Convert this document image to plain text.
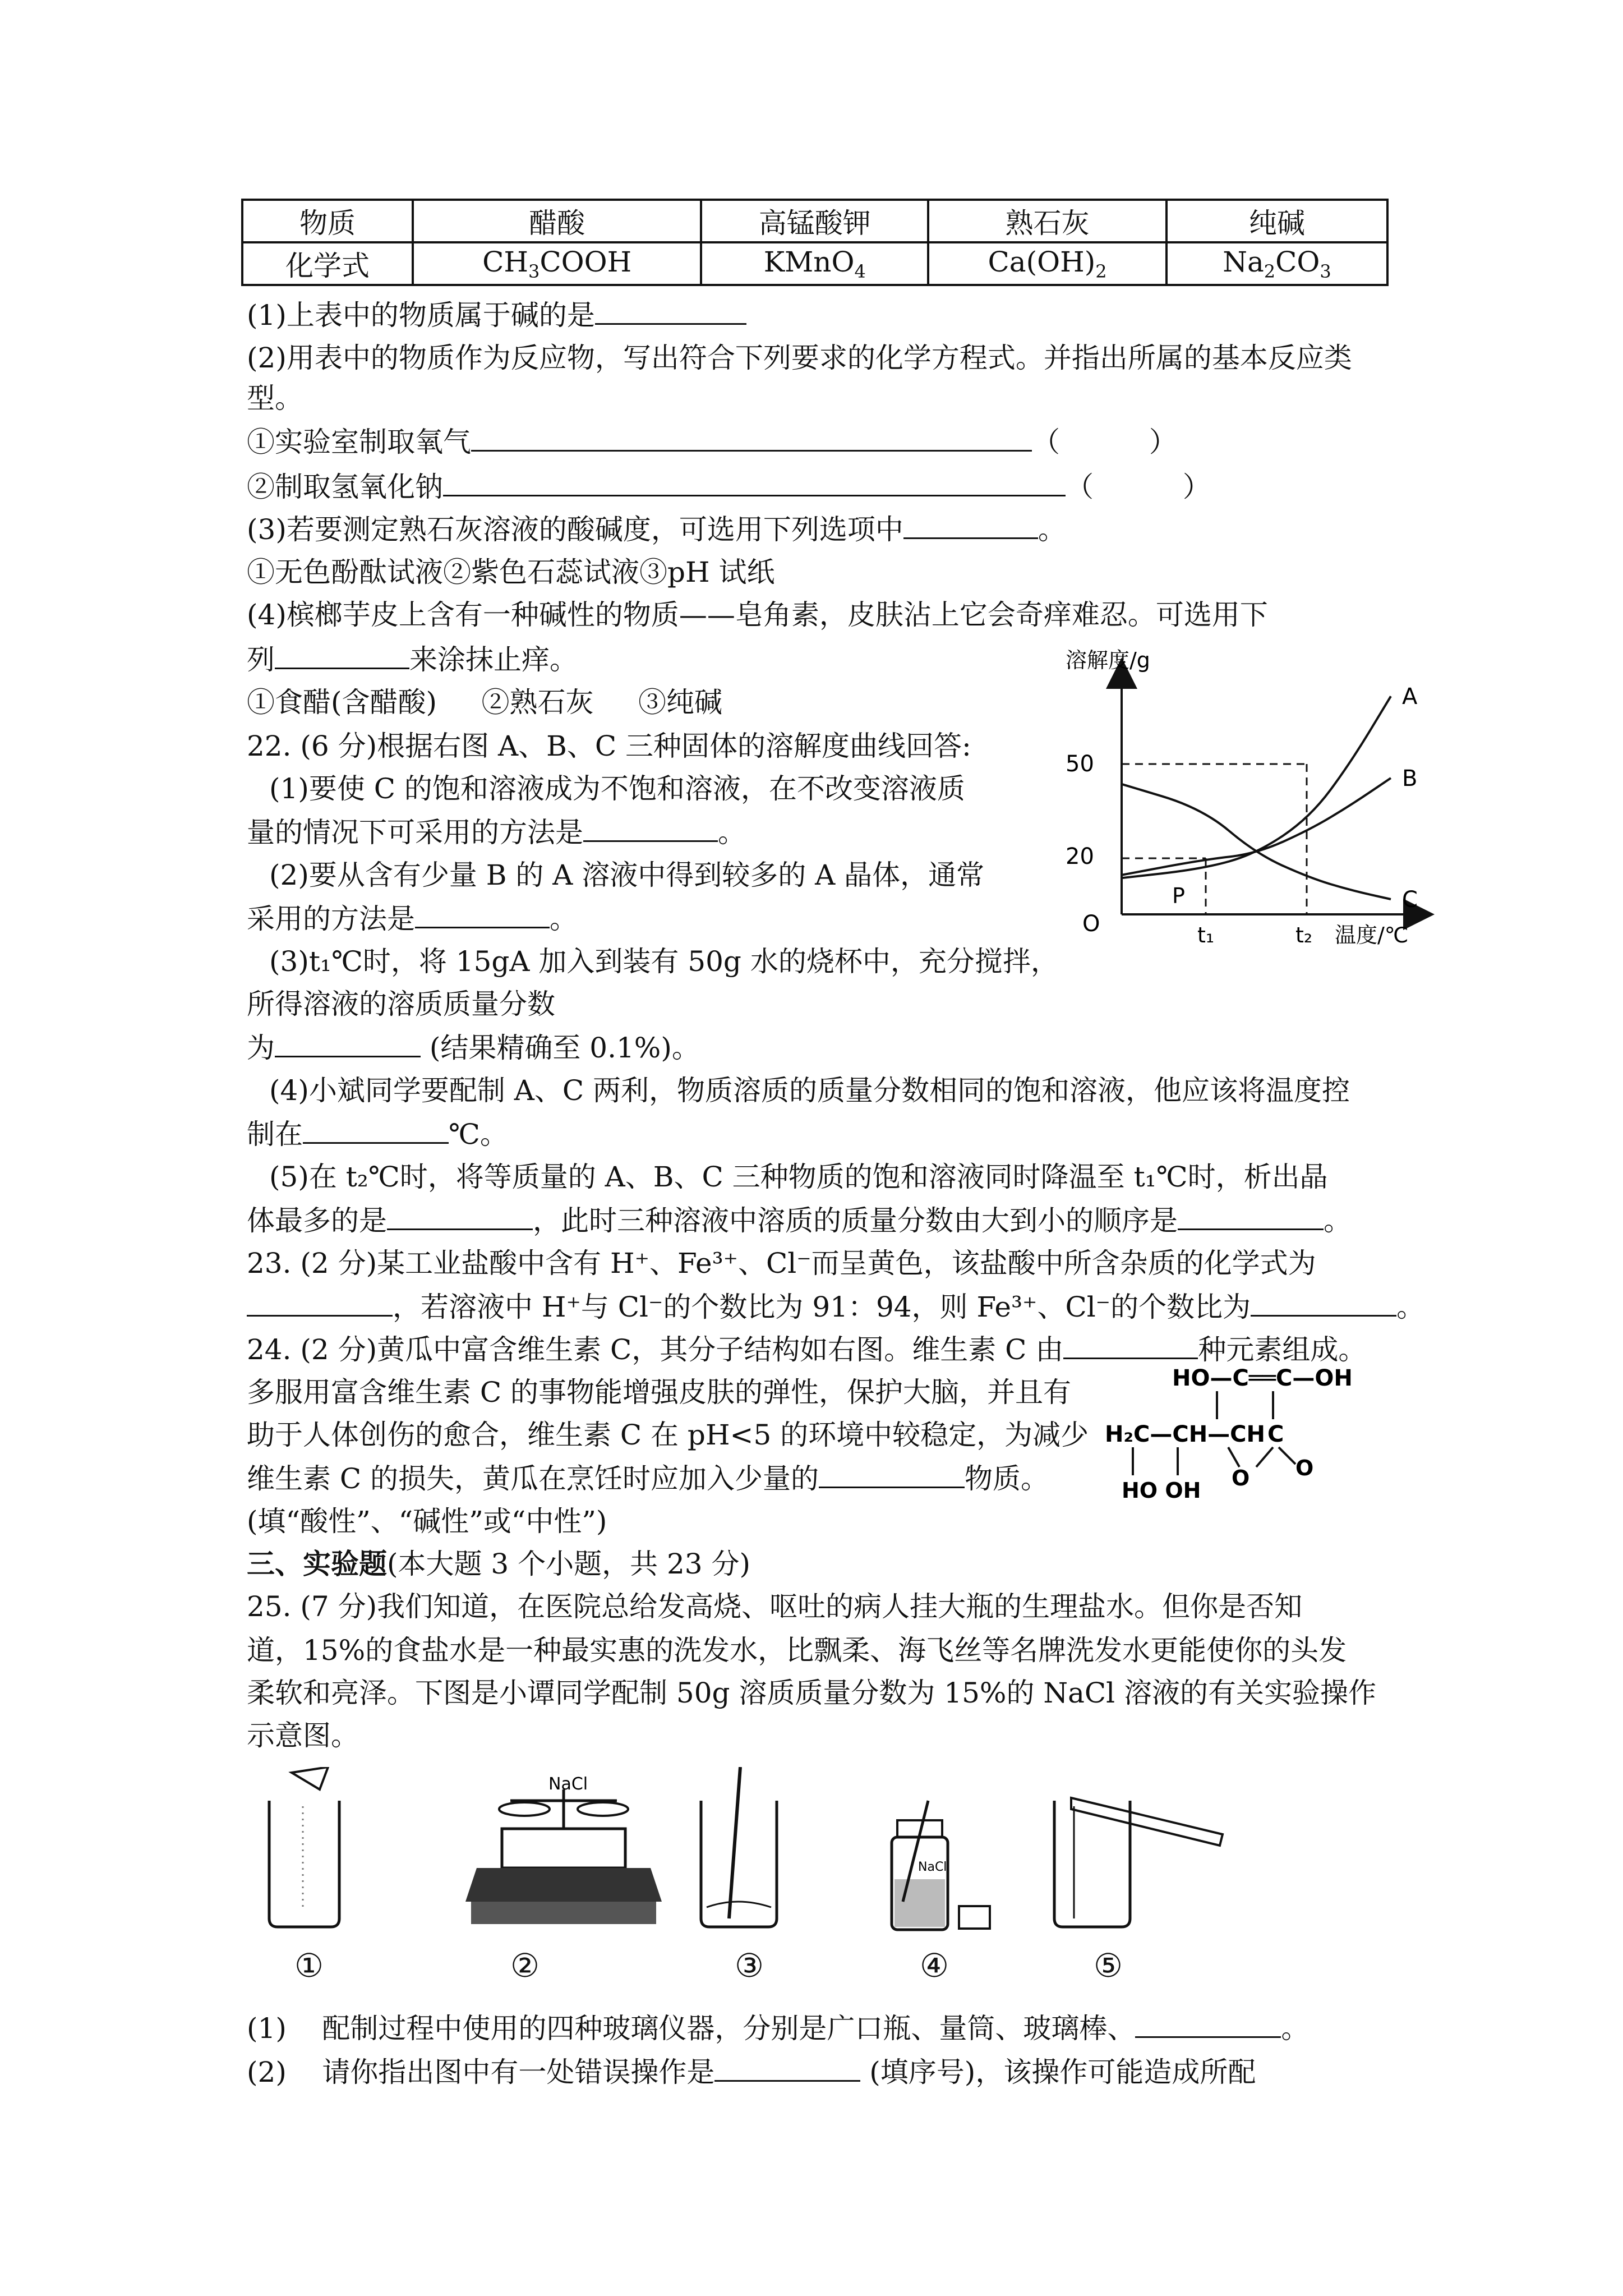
物质	醋酸	高锰酸钾	熟石灰	纯碱
化学式	$CH_3COOH$	KMnO$_4$	$Ca(OH)_2$	$Na_2CO_3$
(1)上表中的物质属于碱的是
(2)用表中的物质作为反应物，写出符合下列要求的化学方程式。并指出所属的基本反应类
型。
①实验室制取氧气	（          ）
②制取氢氧化钠	（          ）
(3)若要测定熟石灰溶液的酸碱度，可选用下列选项中	。
①无色酚酞试液②紫色石蕊试液③pH 试纸
(4)槟榔芋皮上含有一种碱性的物质——皂角素，皮肤沾上它会奇痒难忍。可选用下
列	来涂抹止痒。
①食醋(含醋酸)     ②熟石灰     ③纯碱
22. (6 分)根据右图 A、B、C 三种固体的溶解度曲线回答:
(1)要使 C 的饱和溶液成为不饱和溶液，在不改变溶液质
量的情况下可采用的方法是	。
(2)要从含有少量 B 的 A 溶液中得到较多的 A 晶体，通常
采用的方法是	。
(3)t₁℃时，将 15gA 加入到装有 50g 水的烧杯中，充分搅拌，
所得溶液的溶质质量分数
为	(结果精确至 0.1%)。
(4)小斌同学要配制 A、C 两利，物质溶质的质量分数相同的饱和溶液，他应该将温度控
制在	℃。
(5)在 t₂℃时，将等质量的 A、B、C 三种物质的饱和溶液同时降温至 t₁℃时，析出晶
体最多的是	，此时三种溶液中溶质的质量分数由大到小的顺序是	。
23. (2 分)某工业盐酸中含有 H⁺、Fe³⁺、Cl⁻而呈黄色，该盐酸中所含杂质的化学式为
，若溶液中 H⁺与 Cl⁻的个数比为 91：94，则 Fe³⁺、Cl⁻的个数比为	。
24. (2 分)黄瓜中富含维生素 C，其分子结构如右图。维生素 C 由	种元素组成。
多服用富含维生素 C 的事物能增强皮肤的弹性，保护大脑，并且有
助于人体创伤的愈合，维生素 C 在 pH<5 的环境中较稳定，为减少
维生素 C 的损失，黄瓜在烹饪时应加入少量的	物质。
(填“酸性”、“碱性”或“中性”)
三、实验题(本大题 3 个小题，共 23 分)
25. (7 分)我们知道，在医院总给发高烧、呕吐的病人挂大瓶的生理盐水。但你是否知
道，15%的食盐水是一种最实惠的洗发水，比飘柔、海飞丝等名牌洗发水更能使你的头发
柔软和亮泽。下图是小谭同学配制 50g 溶质质量分数为 15%的 NaCl 溶液的有关实验操作
示意图。
溶解度/g
温度/℃
O
50
20
t₁	t₂
P
A
B
C
HO—C══C—OH
H₂C—CH—CH C
HO OH O O
NaCl
NaCl
①	②	③	④	⑤
(1)    配制过程中使用的四种玻璃仪器，分别是广口瓶、量筒、玻璃棒、	。
(2)    请你指出图中有一处错误操作是	(填序号)，该操作可能造成所配
